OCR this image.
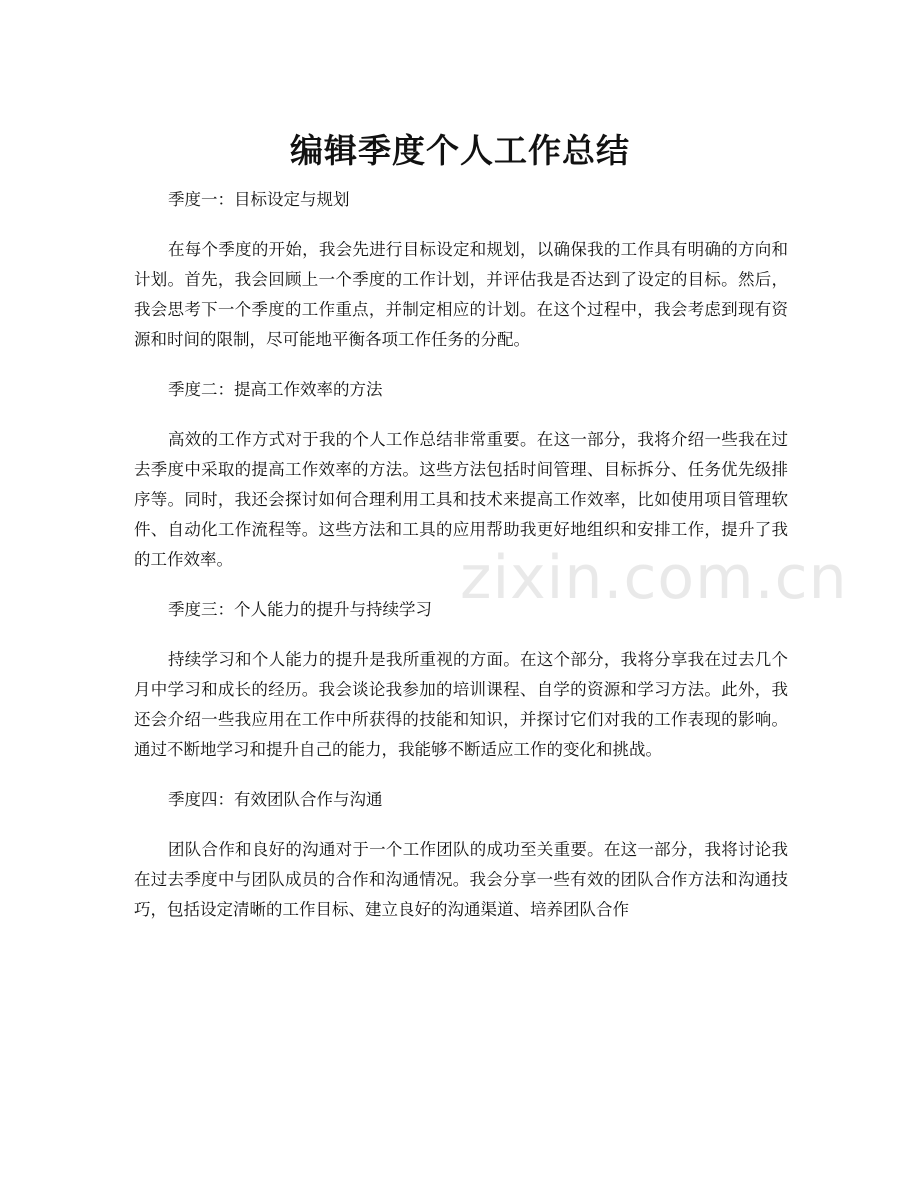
编辑季度个人工作总结

季度一：目标设定与规划

在每个季度的开始，我会先进行目标设定和规划，以确保我的工作具有明确的方向和计划。首先，我会回顾上一个季度的工作计划，并评估我是否达到了设定的目标。然后，我会思考下一个季度的工作重点，并制定相应的计划。在这个过程中，我会考虑到现有资源和时间的限制，尽可能地平衡各项工作任务的分配。

季度二：提高工作效率的方法

高效的工作方式对于我的个人工作总结非常重要。在这一部分，我将介绍一些我在过去季度中采取的提高工作效率的方法。这些方法包括时间管理、目标拆分、任务优先级排序等。同时，我还会探讨如何合理利用工具和技术来提高工作效率，比如使用项目管理软件、自动化工作流程等。这些方法和工具的应用帮助我更好地组织和安排工作，提升了我的工作效率。

季度三：个人能力的提升与持续学习

持续学习和个人能力的提升是我所重视的方面。在这个部分，我将分享我在过去几个月中学习和成长的经历。我会谈论我参加的培训课程、自学的资源和学习方法。此外，我还会介绍一些我应用在工作中所获得的技能和知识，并探讨它们对我的工作表现的影响。通过不断地学习和提升自己的能力，我能够不断适应工作的变化和挑战。

季度四：有效团队合作与沟通

团队合作和良好的沟通对于一个工作团队的成功至关重要。在这一部分，我将讨论我在过去季度中与团队成员的合作和沟通情况。我会分享一些有效的团队合作方法和沟通技巧，包括设定清晰的工作目标、建立良好的沟通渠道、培养团队合作

zixin.com.cn
